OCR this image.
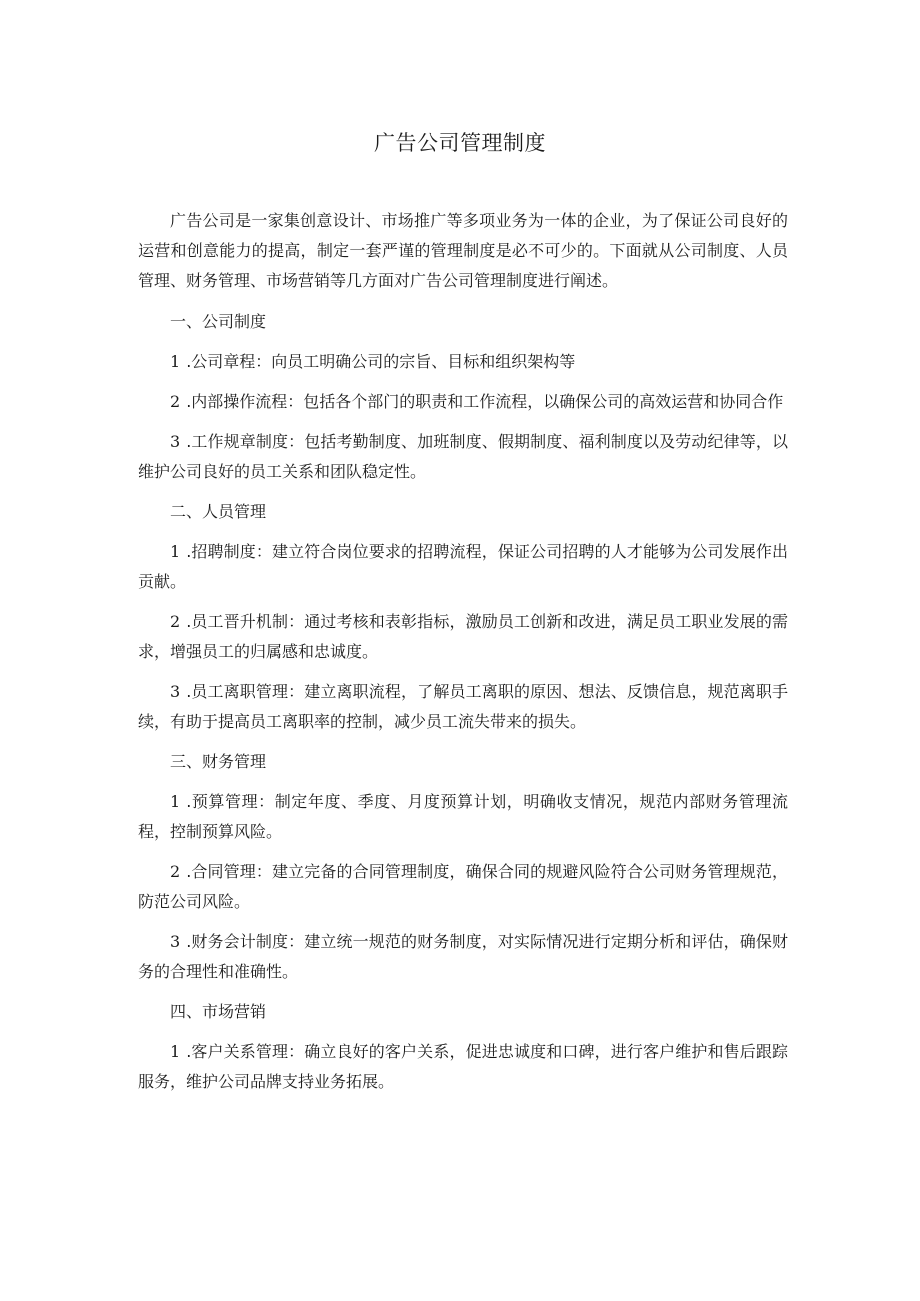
广告公司管理制度

广告公司是一家集创意设计、市场推广等多项业务为一体的企业，为了保证公司良好的运营和创意能力的提高，制定一套严谨的管理制度是必不可少的。下面就从公司制度、人员管理、财务管理、市场营销等几方面对广告公司管理制度进行阐述。

一、公司制度

1.公司章程：向员工明确公司的宗旨、目标和组织架构等

2.内部操作流程：包括各个部门的职责和工作流程，以确保公司的高效运营和协同合作

3.工作规章制度：包括考勤制度、加班制度、假期制度、福利制度以及劳动纪律等，以维护公司良好的员工关系和团队稳定性。

二、人员管理

1.招聘制度：建立符合岗位要求的招聘流程，保证公司招聘的人才能够为公司发展作出贡献。

2.员工晋升机制：通过考核和表彰指标，激励员工创新和改进，满足员工职业发展的需求，增强员工的归属感和忠诚度。

3.员工离职管理：建立离职流程，了解员工离职的原因、想法、反馈信息，规范离职手续，有助于提高员工离职率的控制，减少员工流失带来的损失。

三、财务管理

1.预算管理：制定年度、季度、月度预算计划，明确收支情况，规范内部财务管理流程，控制预算风险。

2.合同管理：建立完备的合同管理制度，确保合同的规避风险符合公司财务管理规范，防范公司风险。

3.财务会计制度：建立统一规范的财务制度，对实际情况进行定期分析和评估，确保财务的合理性和准确性。

四、市场营销

1.客户关系管理：确立良好的客户关系，促进忠诚度和口碑，进行客户维护和售后跟踪服务，维护公司品牌支持业务拓展。
